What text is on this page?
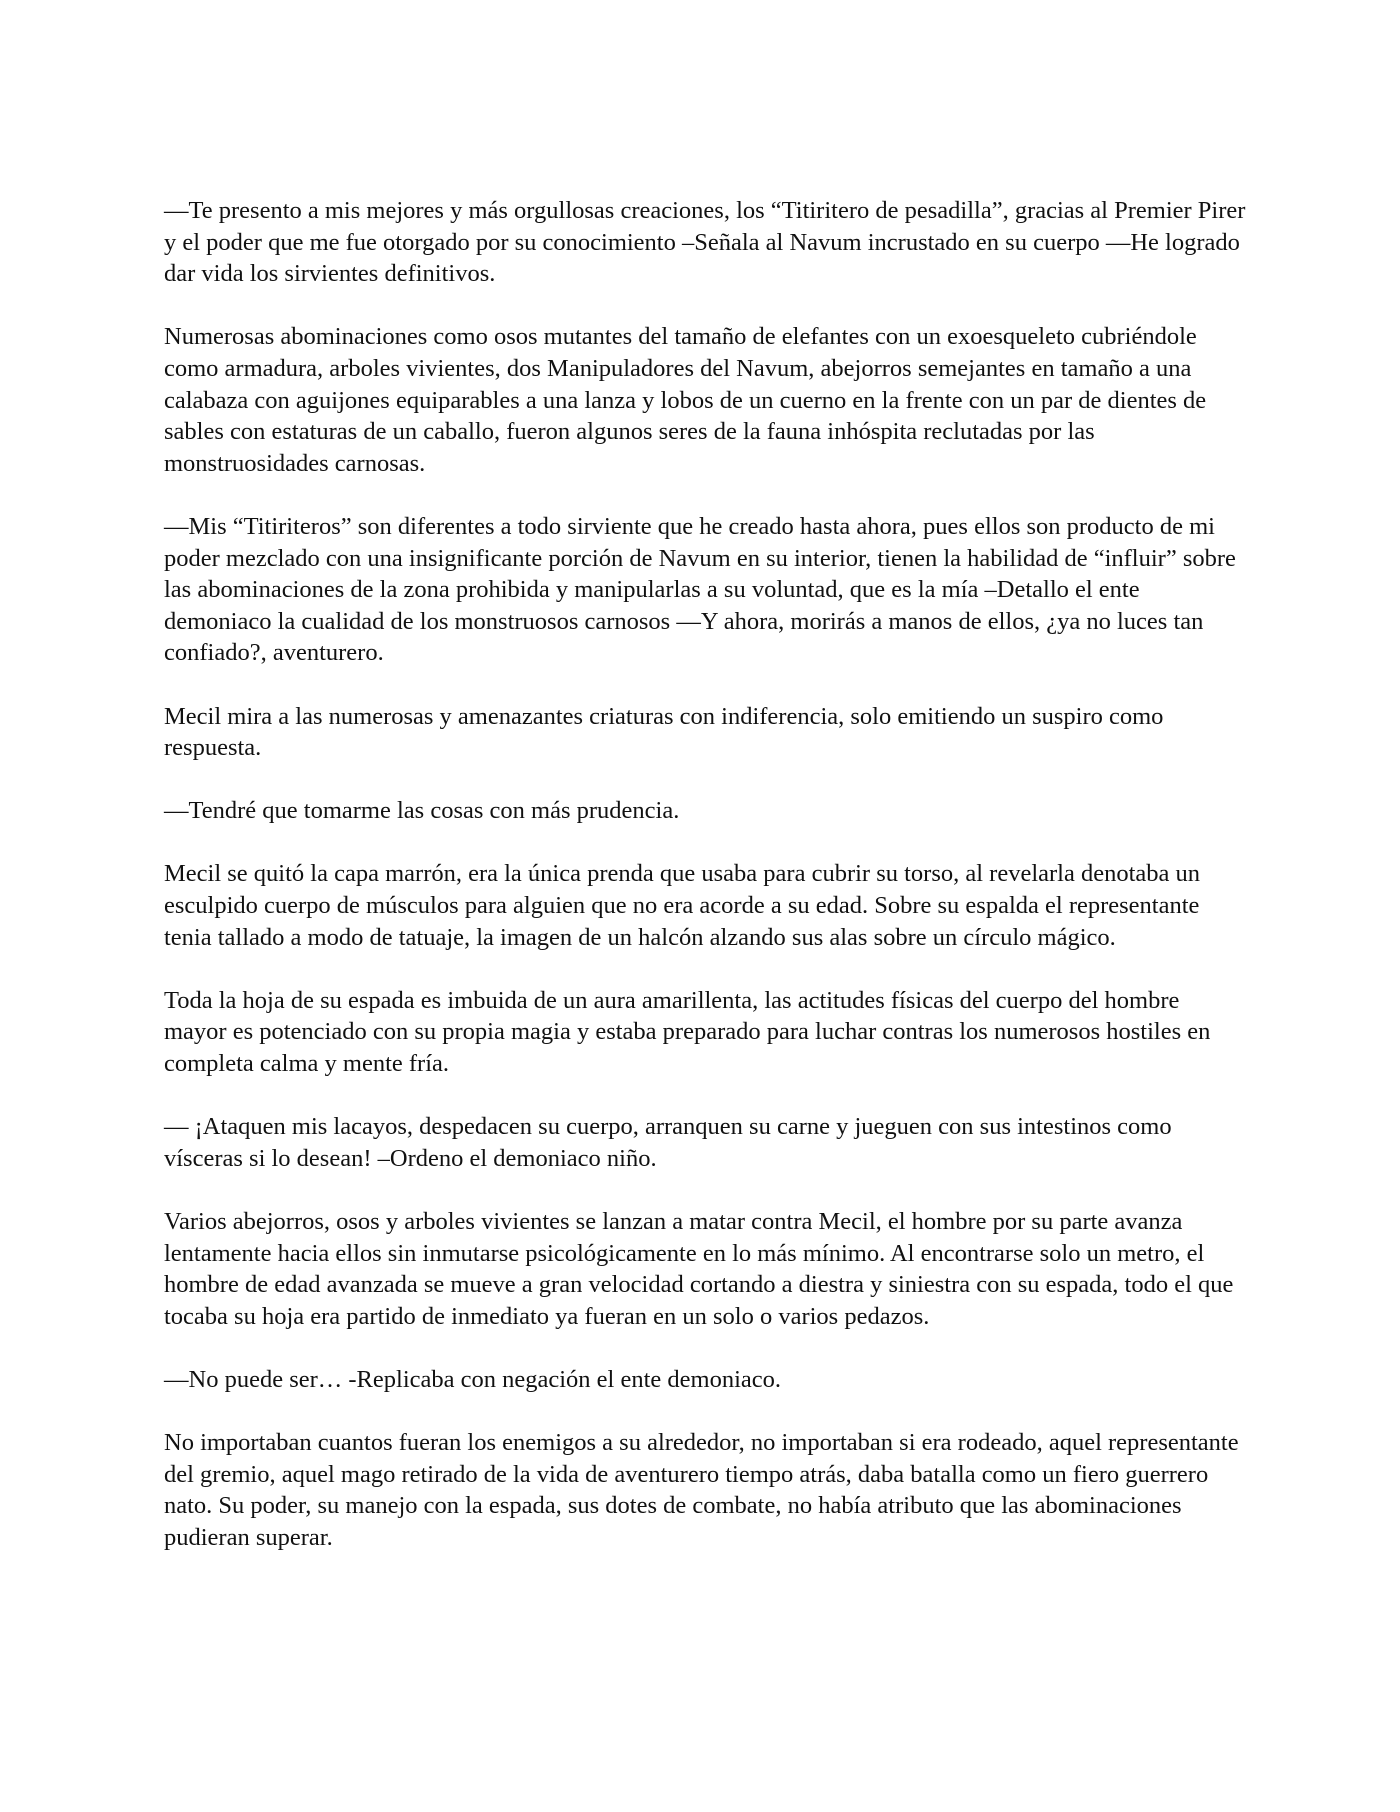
—Te presento a mis mejores y más orgullosas creaciones, los “Titiritero de pesadilla”, gracias al Premier Pirer y el poder que me fue otorgado por su conocimiento –Señala al Navum incrustado en su cuerpo —He logrado dar vida los sirvientes definitivos.

Numerosas abominaciones como osos mutantes del tamaño de elefantes con un exoesqueleto cubriéndole como armadura, arboles vivientes, dos Manipuladores del Navum, abejorros semejantes en tamaño a una calabaza con aguijones equiparables a una lanza y lobos de un cuerno en la frente con un par de dientes de sables con estaturas de un caballo, fueron algunos seres de la fauna inhóspita reclutadas por las monstruosidades carnosas.

—Mis “Titiriteros” son diferentes a todo sirviente que he creado hasta ahora, pues ellos son producto de mi poder mezclado con una insignificante porción de Navum en su interior, tienen la habilidad de “influir” sobre las abominaciones de la zona prohibida y manipularlas a su voluntad, que es la mía –Detallo el ente demoniaco la cualidad de los monstruosos carnosos —Y ahora, morirás a manos de ellos, ¿ya no luces tan confiado?, aventurero.

Mecil mira a las numerosas y amenazantes criaturas con indiferencia, solo emitiendo un suspiro como respuesta.

—Tendré que tomarme las cosas con más prudencia.

Mecil se quitó la capa marrón, era la única prenda que usaba para cubrir su torso, al revelarla denotaba un esculpido cuerpo de músculos para alguien que no era acorde a su edad. Sobre su espalda el representante tenia tallado a modo de tatuaje, la imagen de un halcón alzando sus alas sobre un círculo mágico.

Toda la hoja de su espada es imbuida de un aura amarillenta, las actitudes físicas del cuerpo del hombre mayor es potenciado con su propia magia y estaba preparado para luchar contras los numerosos hostiles en completa calma y mente fría.

— ¡Ataquen mis lacayos, despedacen su cuerpo, arranquen su carne y jueguen con sus intestinos como vísceras si lo desean! –Ordeno el demoniaco niño.

Varios abejorros, osos y arboles vivientes se lanzan a matar contra Mecil, el hombre por su parte avanza lentamente hacia ellos sin inmutarse psicológicamente en lo más mínimo. Al encontrarse solo un metro, el hombre de edad avanzada se mueve a gran velocidad cortando a diestra y siniestra con su espada, todo el que tocaba su hoja era partido de inmediato ya fueran en un solo o varios pedazos.

—No puede ser… -Replicaba con negación el ente demoniaco.

No importaban cuantos fueran los enemigos a su alrededor, no importaban si era rodeado, aquel representante del gremio, aquel mago retirado de la vida de aventurero tiempo atrás, daba batalla como un fiero guerrero nato. Su poder, su manejo con la espada, sus dotes de combate, no había atributo que las abominaciones pudieran superar.
